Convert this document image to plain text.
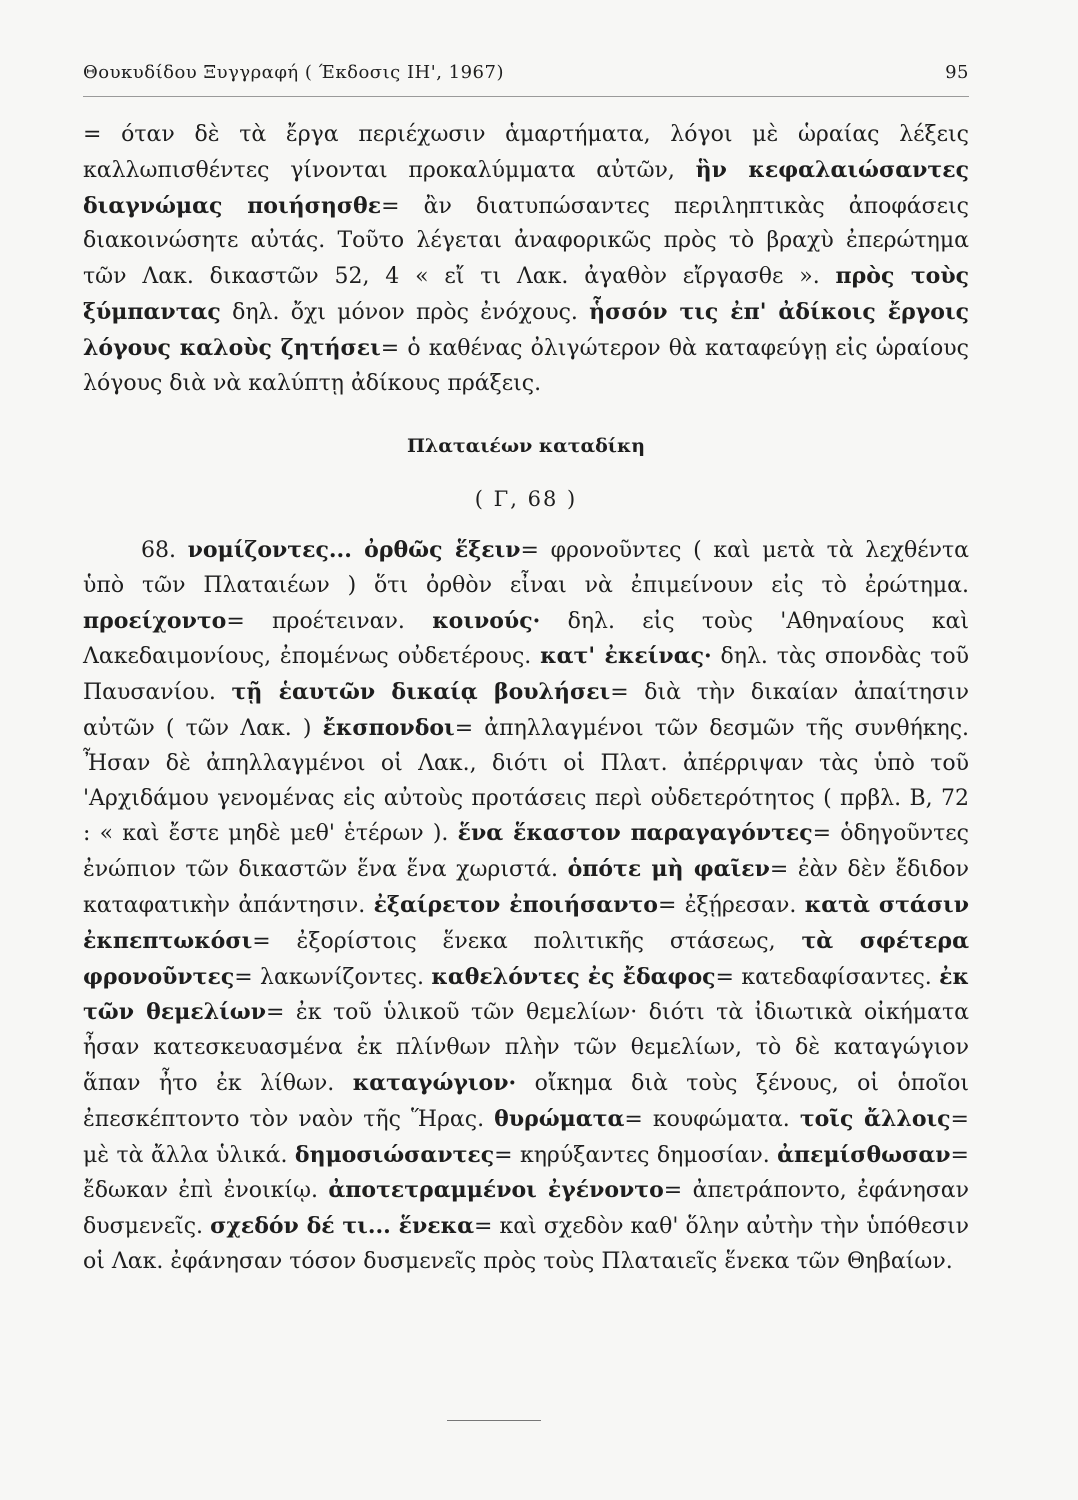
Θουκυδίδου Ξυγγραφή ( Έκδοσις ΙΗ', 1967)	95

= όταν δὲ τὰ ἔργα περιέχωσιν ἁμαρτήματα, λόγοι μὲ ὡραίας λέξεις καλλωπισθέντες γίνονται προκαλύμματα αὐτῶν, ἣν κεφαλαιώσαντες διαγνώμας ποιήσησθε= ἂν διατυπώσαντες περιληπτικὰς ἀποφάσεις διακοινώσητε αὐτάς. Τοῦτο λέγεται ἀναφορικῶς πρὸς τὸ βραχὺ ἐπερώτημα τῶν Λακ. δικαστῶν 52, 4 « εἴ τι Λακ. ἀγαθὸν εἴργασθε ». πρὸς τοὺς ξύμπαντας δηλ. ὄχι μόνον πρὸς ἐνόχους. ἧσσόν τις ἐπ' ἀδίκοις ἔργοις λόγους καλοὺς ζητήσει= ὁ καθένας ὀλιγώτερον θὰ καταφεύγῃ εἰς ὡραίους λόγους διὰ νὰ καλύπτῃ ἀδίκους πράξεις.

Πλαταιέων καταδίκη

( Γ, 68 )

68. νομίζοντες... ὀρθῶς ἕξειν= φρονοῦντες ( καὶ μετὰ τὰ λεχθέντα ὑπὸ τῶν Πλαταιέων ) ὅτι ὀρθὸν εἶναι νὰ ἐπιμείνουν εἰς τὸ ἐρώτημα. προείχοντο= προέτειναν. κοινούς· δηλ. εἰς τοὺς 'Αθηναίους καὶ Λακεδαιμονίους, ἐπομένως οὐδετέρους. κατ' ἐκείνας· δηλ. τὰς σπονδὰς τοῦ Παυσανίου. τῇ ἑαυτῶν δικαίᾳ βουλήσει= διὰ τὴν δικαίαν ἀπαίτησιν αὐτῶν ( τῶν Λακ. ) ἔκσπονδοι= ἀπηλλαγμένοι τῶν δεσμῶν τῆς συνθήκης. Ἦσαν δὲ ἀπηλλαγμένοι οἱ Λακ., διότι οἱ Πλατ. ἀπέρριψαν τὰς ὑπὸ τοῦ 'Αρχιδάμου γενομένας εἰς αὐτοὺς προτάσεις περὶ οὐδετερότητος ( πρβλ. Β, 72 : « καὶ ἔστε μηδὲ μεθ' ἑτέρων ). ἕνα ἕκαστον παραγαγόντες= ὁδηγοῦντες ἐνώπιον τῶν δικαστῶν ἕνα ἕνα χωριστά. ὁπότε μὴ φαῖεν= ἐὰν δὲν ἔδιδον καταφατικὴν ἀπάντησιν. ἐξαίρετον ἐποιήσαντο= ἐξῄρεσαν. κατὰ στάσιν ἐκπεπτωκόσι= ἐξορίστοις ἕνεκα πολιτικῆς στάσεως, τὰ σφέτερα φρονοῦντες= λακωνίζοντες. καθελόντες ἐς ἔδαφος= κατεδαφίσαντες. ἐκ τῶν θεμελίων= ἐκ τοῦ ὑλικοῦ τῶν θεμελίων· διότι τὰ ἰδιωτικὰ οἰκήματα ἦσαν κατεσκευασμένα ἐκ πλίνθων πλὴν τῶν θεμελίων, τὸ δὲ καταγώγιον ἅπαν ἦτο ἐκ λίθων. καταγώγιον· οἴκημα διὰ τοὺς ξένους, οἱ ὁποῖοι ἐπεσκέπτοντο τὸν ναὸν τῆς Ἥρας. θυρώματα= κουφώματα. τοῖς ἄλλοις= μὲ τὰ ἄλλα ὑλικά. δημοσιώσαντες= κηρύξαντες δημοσίαν. ἀπεμίσθωσαν= ἔδωκαν ἐπὶ ἐνοικίῳ. ἀποτετραμμένοι ἐγένοντο= ἀπετράποντο, ἐφάνησαν δυσμενεῖς. σχεδόν δέ τι... ἕνεκα= καὶ σχεδὸν καθ' ὅλην αὐτὴν τὴν ὑπόθεσιν οἱ Λακ. ἐφάνησαν τόσον δυσμενεῖς πρὸς τοὺς Πλαταιεῖς ἕνεκα τῶν Θηβαίων.
